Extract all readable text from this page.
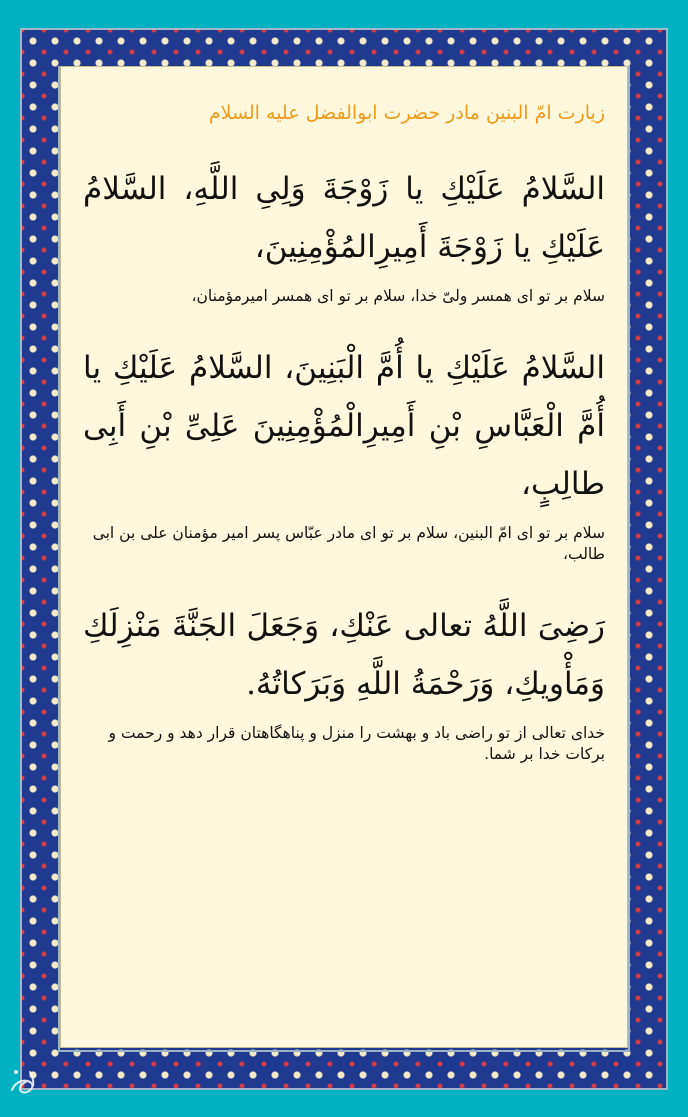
زیارت امّ البنین مادر حضرت ابوالفضل علیه السلام

السَّلامُ عَلَيْكِ يا زَوْجَةَ وَلِىِ اللَّهِ، السَّلامُ عَلَيْكِ يا زَوْجَةَ أَمِيرِالمُؤْمِنِينَ،

سلام بر تو ای همسر ولیّ خدا، سلام بر تو ای همسر امیرمؤمنان،

السَّلامُ عَلَيْكِ يا أُمَّ الْبَنِينَ، السَّلامُ عَلَيْكِ يا أُمَّ الْعَبَّاسِ بْنِ أَمِيرِالْمُؤْمِنِينَ عَلِىِّ بْنِ أَبِى طالِبٍ،

سلام بر تو ای امّ البنین، سلام بر تو ای مادر عبّاس پسر امیر مؤمنان علی بن ابی طالب،

رَضِىَ اللَّهُ تعالى عَنْكِ، وَجَعَلَ الجَنَّةَ مَنْزِلَكِ وَمَأْويكِ، وَرَحْمَةُ اللَّهِ وَبَرَكاتُهُ.

خدای تعالی از تو راضی باد و بهشت را منزل و پناهگاهتان قرار دهد و رحمت و برکات خدا بر شما.
